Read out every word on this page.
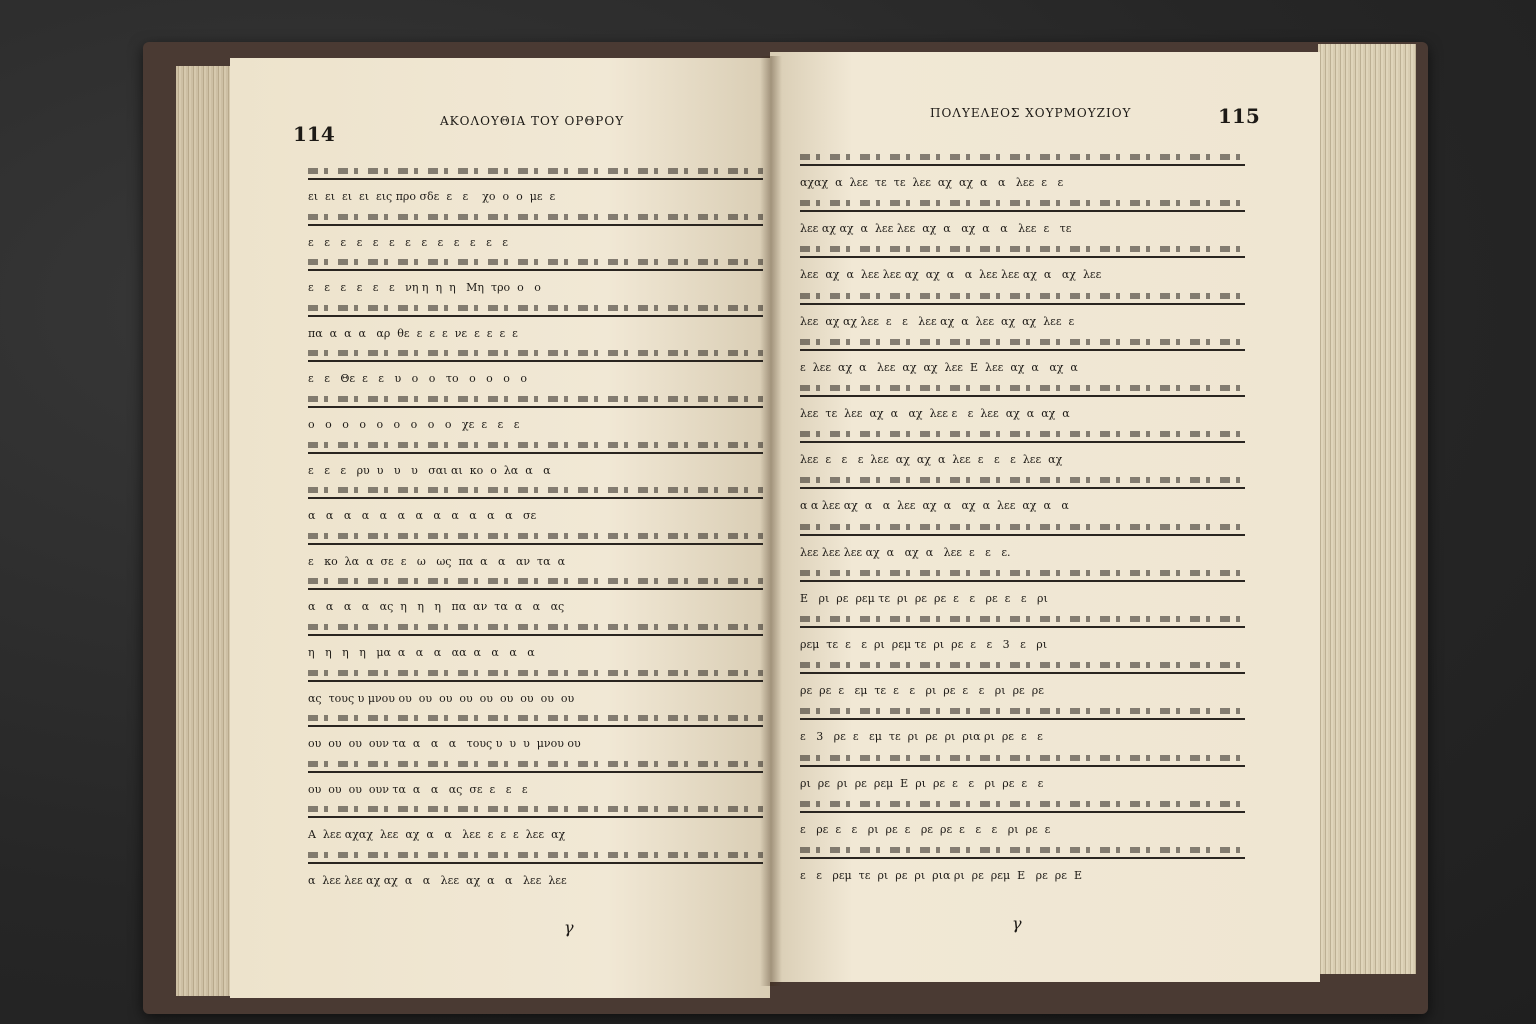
114
ΑΚΟΛΟΥΘΙΑ ΤΟΥ ΟΡΘΡΟΥ
ΠΟΛΥΕΛΕΟΣ ΧΟΥΡΜΟΥΖΙΟΥ	115
ει  ει  ει  ει  εις προ σδε  ε   ε    χο  ο  ο  με  ε
ε   ε   ε   ε   ε   ε   ε   ε   ε   ε   ε   ε   ε
ε   ε   ε   ε   ε   ε   νη η  η  η   Μη  τρο  ο   ο
πα  α  α  α   αρ  θε  ε  ε  ε  νε  ε  ε  ε  ε
ε   ε   Θε  ε   ε   υ   ο   ο   το   ο   ο   ο   ο
ο   ο   ο   ο   ο   ο   ο   ο   ο   χε  ε   ε   ε
ε   ε   ε   ρυ  υ   υ   υ   σαι αι  κο  ο  λα  α   α
α   α   α   α   α   α   α   α   α   α   α   α   σε
ε   κο  λα  α  σε  ε   ω   ως  πα  α   α   αν  τα  α
α   α   α   α   ας  η   η   η   πα  αν  τα  α   α   ας
η   η   η   η   μα  α   α   α   αα  α   α   α   α
ας  τους υ μνου ου  ου  ου  ου  ου  ου  ου  ου  ου
ου  ου  ου  ουν τα  α   α   α   τους υ  υ  υ  μνου ου
ου  ου  ου  ουν τα  α   α   ας  σε  ε   ε   ε
Α  λεε αχαχ  λεε  αχ  α   α   λεε  ε  ε  ε  λεε  αχ
α  λεε λεε αχ αχ  α   α   λεε  αχ  α   α   λεε  λεε
αχαχ  α  λεε  τε  τε  λεε  αχ  αχ  α   α   λεε  ε   ε
λεε αχ αχ  α  λεε λεε  αχ  α   αχ  α   α   λεε  ε   τε
λεε  αχ  α  λεε λεε αχ  αχ  α   α  λεε λεε αχ  α   αχ  λεε
λεε  αχ αχ λεε  ε   ε   λεε αχ  α  λεε  αχ  αχ  λεε  ε
ε  λεε  αχ  α   λεε  αχ  αχ  λεε  Ε  λεε  αχ  α   αχ  α
λεε  τε  λεε  αχ  α   αχ  λεε ε   ε  λεε  αχ  α  αχ  α
λεε  ε   ε   ε  λεε  αχ  αχ  α  λεε  ε   ε   ε  λεε  αχ
α α λεε αχ  α   α  λεε  αχ  α   αχ  α  λεε  αχ  α   α
λεε λεε λεε αχ  α   αχ  α   λεε  ε   ε   ε.
Ε   ρι  ρε  ρεμ τε  ρι  ρε  ρε  ε   ε   ρε  ε   ε   ρι
ρεμ  τε  ε   ε  ρι  ρεμ τε  ρι  ρε  ε   ε   3   ε   ρι
ρε  ρε  ε   εμ  τε  ε   ε   ρι  ρε  ε   ε   ρι  ρε  ρε
ε   3   ρε  ε   εμ  τε  ρι  ρε  ρι  ρια ρι  ρε  ε   ε
ρι  ρε  ρι  ρε  ρεμ  Ε  ρι  ρε  ε   ε   ρι  ρε  ε   ε
ε   ρε  ε   ε   ρι  ρε  ε   ρε  ρε  ε   ε   ε   ρι  ρε  ε
ε   ε   ρεμ  τε  ρι  ρε  ρι  ρια ρι  ρε  ρεμ  Ε   ρε  ρε  Ε
γ	γ
